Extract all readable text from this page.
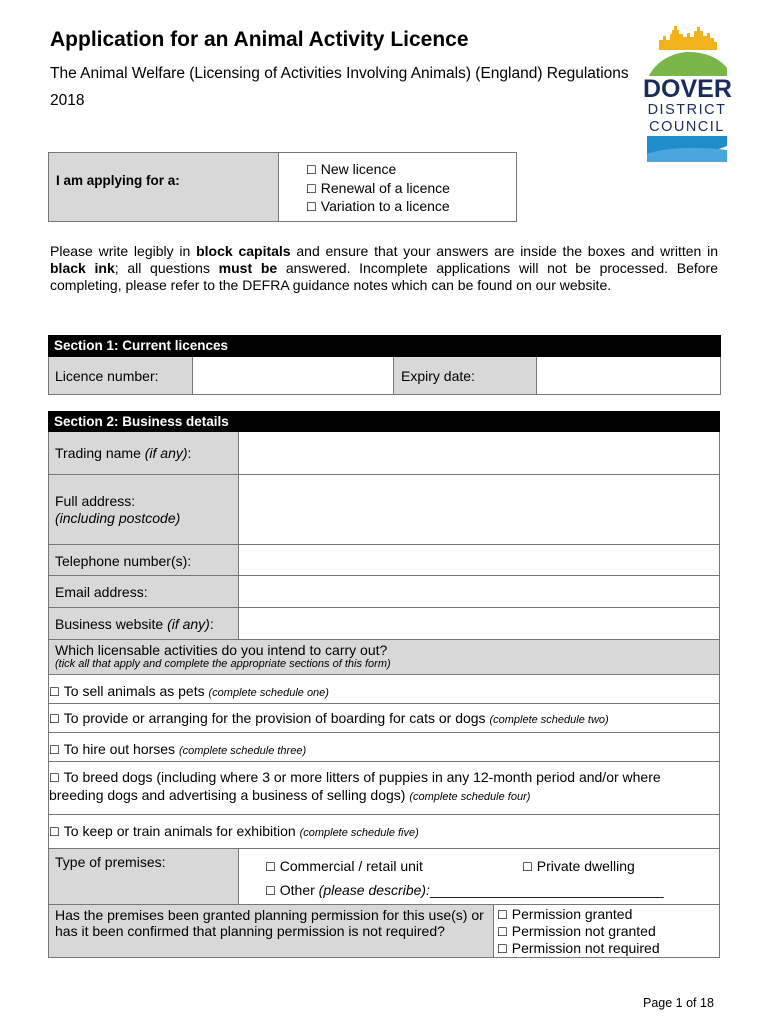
Application for an Animal Activity Licence
The Animal Welfare (Licensing of Activities Involving Animals) (England) Regulations 2018	DOVER
DISTRICT
COUNCIL
I am applying for a:
☐ New licence
☐ Renewal of a licence
☐ Variation to a licence
Please write legibly in block capitals and ensure that your answers are inside the boxes and written in black ink; all questions must be answered. Incomplete applications will not be processed. Before completing, please refer to the DEFRA guidance notes which can be found on our website.
Section 1: Current licences
Licence number:	Expiry date:
Section 2: Business details
Trading name (if any):
Full address:
(including postcode)
Telephone number(s):
Email address:
Business website (if any):
Which licensable activities do you intend to carry out?
(tick all that apply and complete the appropriate sections of this form)
☐ To sell animals as pets (complete schedule one)
☐ To provide or arranging for the provision of boarding for cats or dogs (complete schedule two)
☐ To hire out horses (complete schedule three)
☐ To breed dogs (including where 3 or more litters of puppies in any 12-month period and/or where breeding dogs and advertising a business of selling dogs) (complete schedule four)
☐ To keep or train animals for exhibition (complete schedule five)
Type of premises:	☐ Commercial / retail unit	☐ Private dwelling
☐ Other (please describe):______________________________
Has the premises been granted planning permission for this use(s) or has it been confirmed that planning permission is not required?
☐ Permission granted
☐ Permission not granted
☐ Permission not required
Page 1 of 18
